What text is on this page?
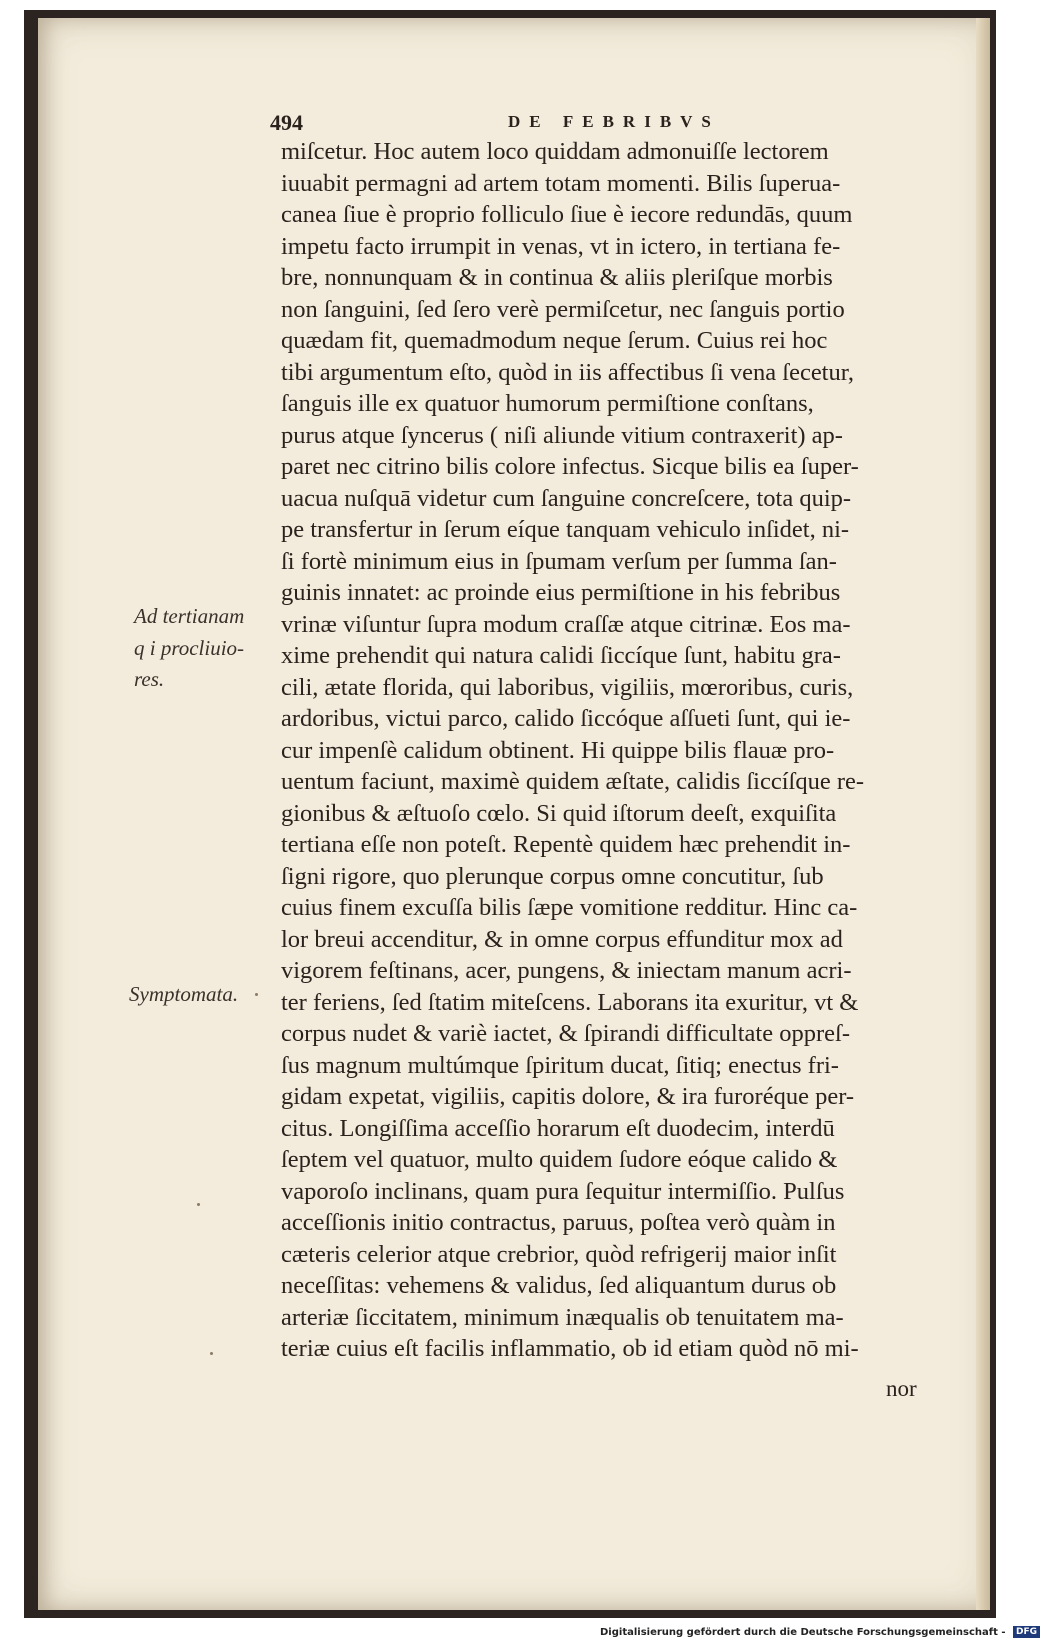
494	DE FEBRIBVS
miſcetur. Hoc autem loco quiddam admonuiſſe lectorem
iuuabit permagni ad artem totam momenti. Bilis ſuperua-
canea ſiue è proprio folliculo ſiue è iecore redundās, quum
impetu facto irrumpit in venas, vt in ictero, in tertiana fe-
bre, nonnunquam & in continua & aliis pleriſque morbis
non ſanguini, ſed ſero verè permiſcetur, nec ſanguis portio
quædam fit, quemadmodum neque ſerum. Cuius rei hoc
tibi argumentum eſto, quòd in iis affectibus ſi vena ſecetur,
ſanguis ille ex quatuor humorum permiſtione conſtans,
purus atque ſyncerus ( niſi aliunde vitium contraxerit) ap-
paret nec citrino bilis colore infectus. Sicque bilis ea ſuper-
uacua nuſquā videtur cum ſanguine concreſcere, tota quip-
pe transfertur in ſerum eíque tanquam vehiculo inſidet, ni-
ſi fortè minimum eius in ſpumam verſum per ſumma ſan-
guinis innatet: ac proinde eius permiſtione in his febribus
vrinæ viſuntur ſupra modum craſſæ atque citrinæ. Eos ma-
xime prehendit qui natura calidi ſiccíque ſunt, habitu gra-
cili, ætate florida, qui laboribus, vigiliis, mœroribus, curis,
ardoribus, victui parco, calido ſiccóque aſſueti ſunt, qui ie-
cur impenſè calidum obtinent. Hi quippe bilis flauæ pro-
uentum faciunt, maximè quidem æſtate, calidis ſiccíſque re-
gionibus & æſtuoſo cœlo. Si quid iſtorum deeſt, exquiſita
tertiana eſſe non poteſt. Repentè quidem hæc prehendit in-
ſigni rigore, quo plerunque corpus omne concutitur, ſub
cuius finem excuſſa bilis ſæpe vomitione redditur. Hinc ca-
lor breui accenditur, & in omne corpus effunditur mox ad
vigorem feſtinans, acer, pungens, & iniectam manum acri-
ter feriens, ſed ſtatim miteſcens. Laborans ita exuritur, vt &
corpus nudet & variè iactet, & ſpirandi difficultate oppreſ-
ſus magnum multúmque ſpiritum ducat, ſitiq; enectus fri-
gidam expetat, vigiliis, capitis dolore, & ira furoréque per-
citus. Longiſſima acceſſio horarum eſt duodecim, interdū
ſeptem vel quatuor, multo quidem ſudore eóque calido &
vaporoſo inclinans, quam pura ſequitur intermiſſio. Pulſus
acceſſionis initio contractus, paruus, poſtea verò quàm in
cæteris celerior atque crebrior, quòd refrigerij maior inſit
neceſſitas: vehemens & validus, ſed aliquantum durus ob
arteriæ ſiccitatem, minimum inæqualis ob tenuitatem ma-
teriæ cuius eſt facilis inflammatio, ob id etiam quòd nō mi-
Ad tertianam
q i procliuio-
res.
Symptomata.
nor
Digitalisierung gefördert durch die Deutsche Forschungsgemeinschaft - DFG
